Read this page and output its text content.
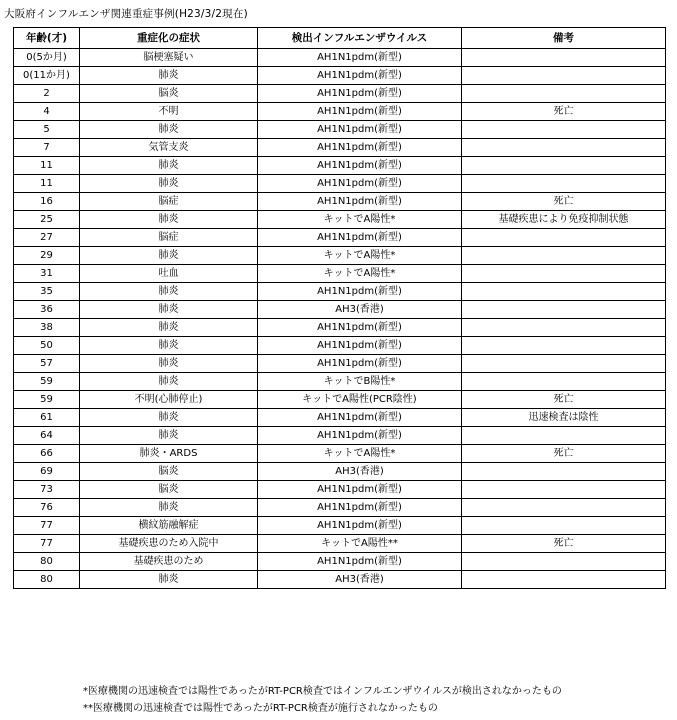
大阪府インフルエンザ関連重症事例(H23/3/2現在)
年齢(才)	重症化の症状	検出インフルエンザウイルス	備考
0(5か月)	脳梗塞疑い	AH1N1pdm(新型)	
0(11か月)	肺炎	AH1N1pdm(新型)	
2	脳炎	AH1N1pdm(新型)	
4	不明	AH1N1pdm(新型)	死亡
5	肺炎	AH1N1pdm(新型)	
7	気管支炎	AH1N1pdm(新型)	
11	肺炎	AH1N1pdm(新型)	
11	肺炎	AH1N1pdm(新型)	
16	脳症	AH1N1pdm(新型)	死亡
25	肺炎	キットでA陽性*	基礎疾患により免疫抑制状態
27	脳症	AH1N1pdm(新型)	
29	肺炎	キットでA陽性*	
31	吐血	キットでA陽性*	
35	肺炎	AH1N1pdm(新型)	
36	肺炎	AH3(香港)	
38	肺炎	AH1N1pdm(新型)	
50	肺炎	AH1N1pdm(新型)	
57	肺炎	AH1N1pdm(新型)	
59	肺炎	キットでB陽性*	
59	不明(心肺停止)	キットでA陽性(PCR陰性)	死亡
61	肺炎	AH1N1pdm(新型)	迅速検査は陰性
64	肺炎	AH1N1pdm(新型)	
66	肺炎・ARDS	キットでA陽性*	死亡
69	脳炎	AH3(香港)	
73	脳炎	AH1N1pdm(新型)	
76	肺炎	AH1N1pdm(新型)	
77	横紋筋融解症	AH1N1pdm(新型)	
77	基礎疾患のため入院中	キットでA陽性**	死亡
80	基礎疾患のため	AH1N1pdm(新型)	
80	肺炎	AH3(香港)	
*医療機関の迅速検査では陽性であったがRT-PCR検査ではインフルエンザウイルスが検出されなかったもの
**医療機関の迅速検査では陽性であったがRT-PCR検査が施行されなかったもの
